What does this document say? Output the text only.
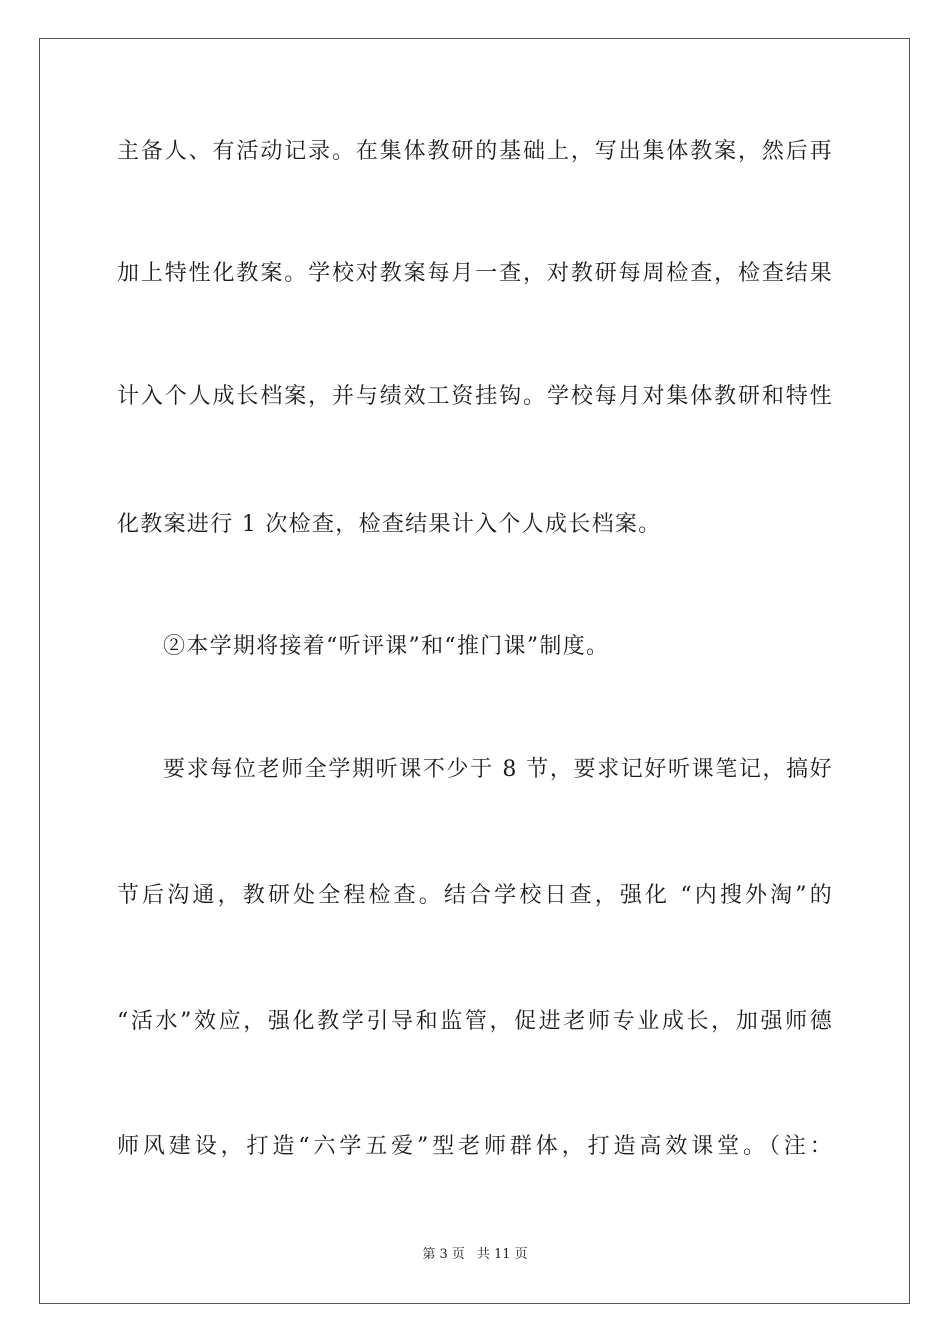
主备人、有活动记录。在集体教研的基础上，写出集体教案，然后再
加上特性化教案。学校对教案每月一查，对教研每周检查，检查结果
计入个人成长档案，并与绩效工资挂钩。学校每月对集体教研和特性
化教案进行 1 次检查，检查结果计入个人成长档案。
②本学期将接着“听评课”和“推门课”制度。
要求每位老师全学期听课不少于 8 节，要求记好听课笔记，搞好
节后沟通，教研处全程检查。结合学校日查，强化 “内搜外淘”的
“活水”效应，强化教学引导和监管，促进老师专业成长，加强师德
师风建设，打造“六学五爱”型老师群体，打造高效课堂。（注：
第 3 页 共 11 页
